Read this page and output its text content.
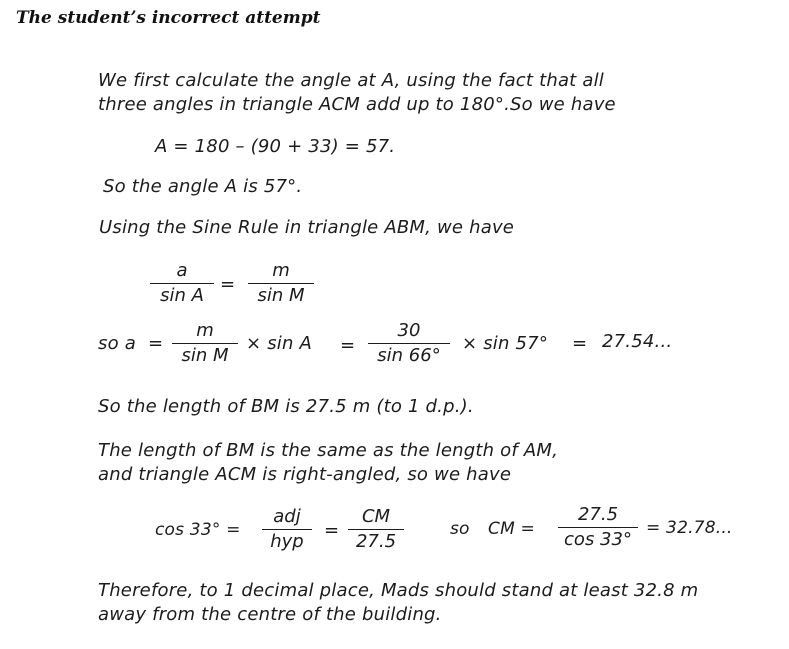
The student’s incorrect attempt
We first calculate the angle at A, using the fact that all
three angles in triangle ACM add up to 180°.So we have
A = 180 – (90 + 33) = 57.
So the angle A is 57°.
Using the Sine Rule in triangle ABM, we have
a
sin A
=
m
sin M
so a =
m
sin M
× sin A =
30
sin 66°
× sin 57° = 27.54...
So the length of BM is 27.5 m (to 1 d.p.).
The length of BM is the same as the length of AM,
and triangle ACM is right-angled, so we have
cos 33° =
adj
hyp
=
CM
27.5
so CM =
27.5
cos 33°
= 32.78...
Therefore, to 1 decimal place, Mads should stand at least 32.8 m
away from the centre of the building.
